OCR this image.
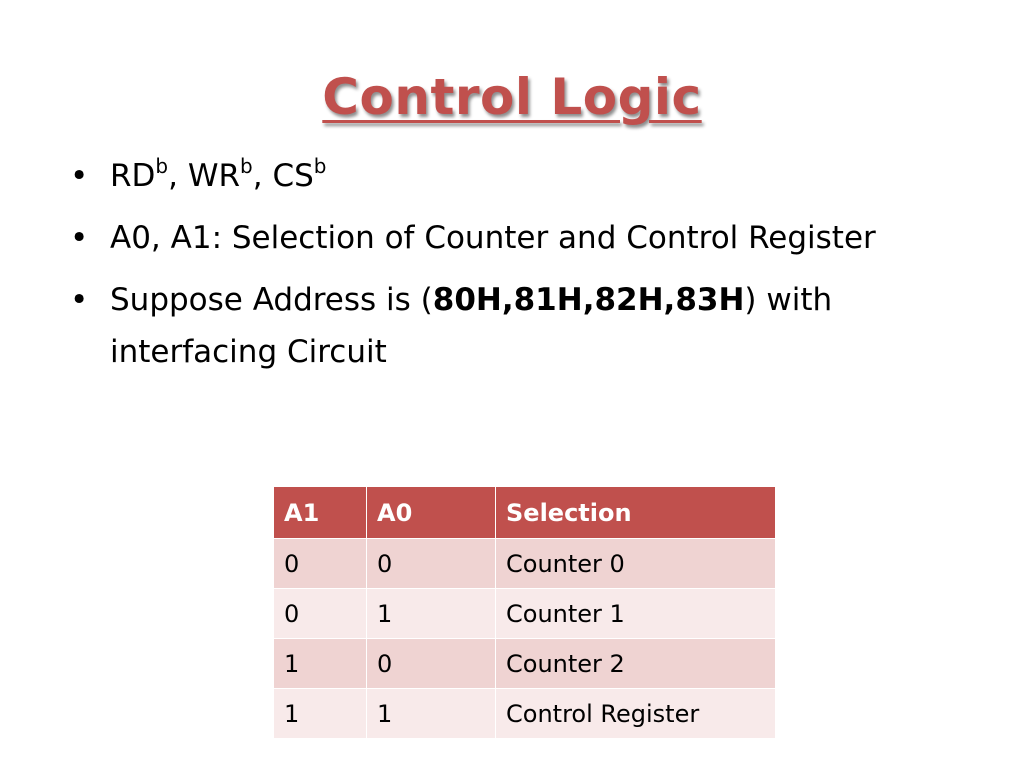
Control Logic
• $RD^b$, $WR^b$, $CS^b$
• A0, A1: Selection of Counter and Control Register
• Suppose Address is (80H,81H,82H,83H) with interfacing Circuit
A1	A0	Selection
0	0	Counter 0
0	1	Counter 1
1	0	Counter 2
1	1	Control Register
